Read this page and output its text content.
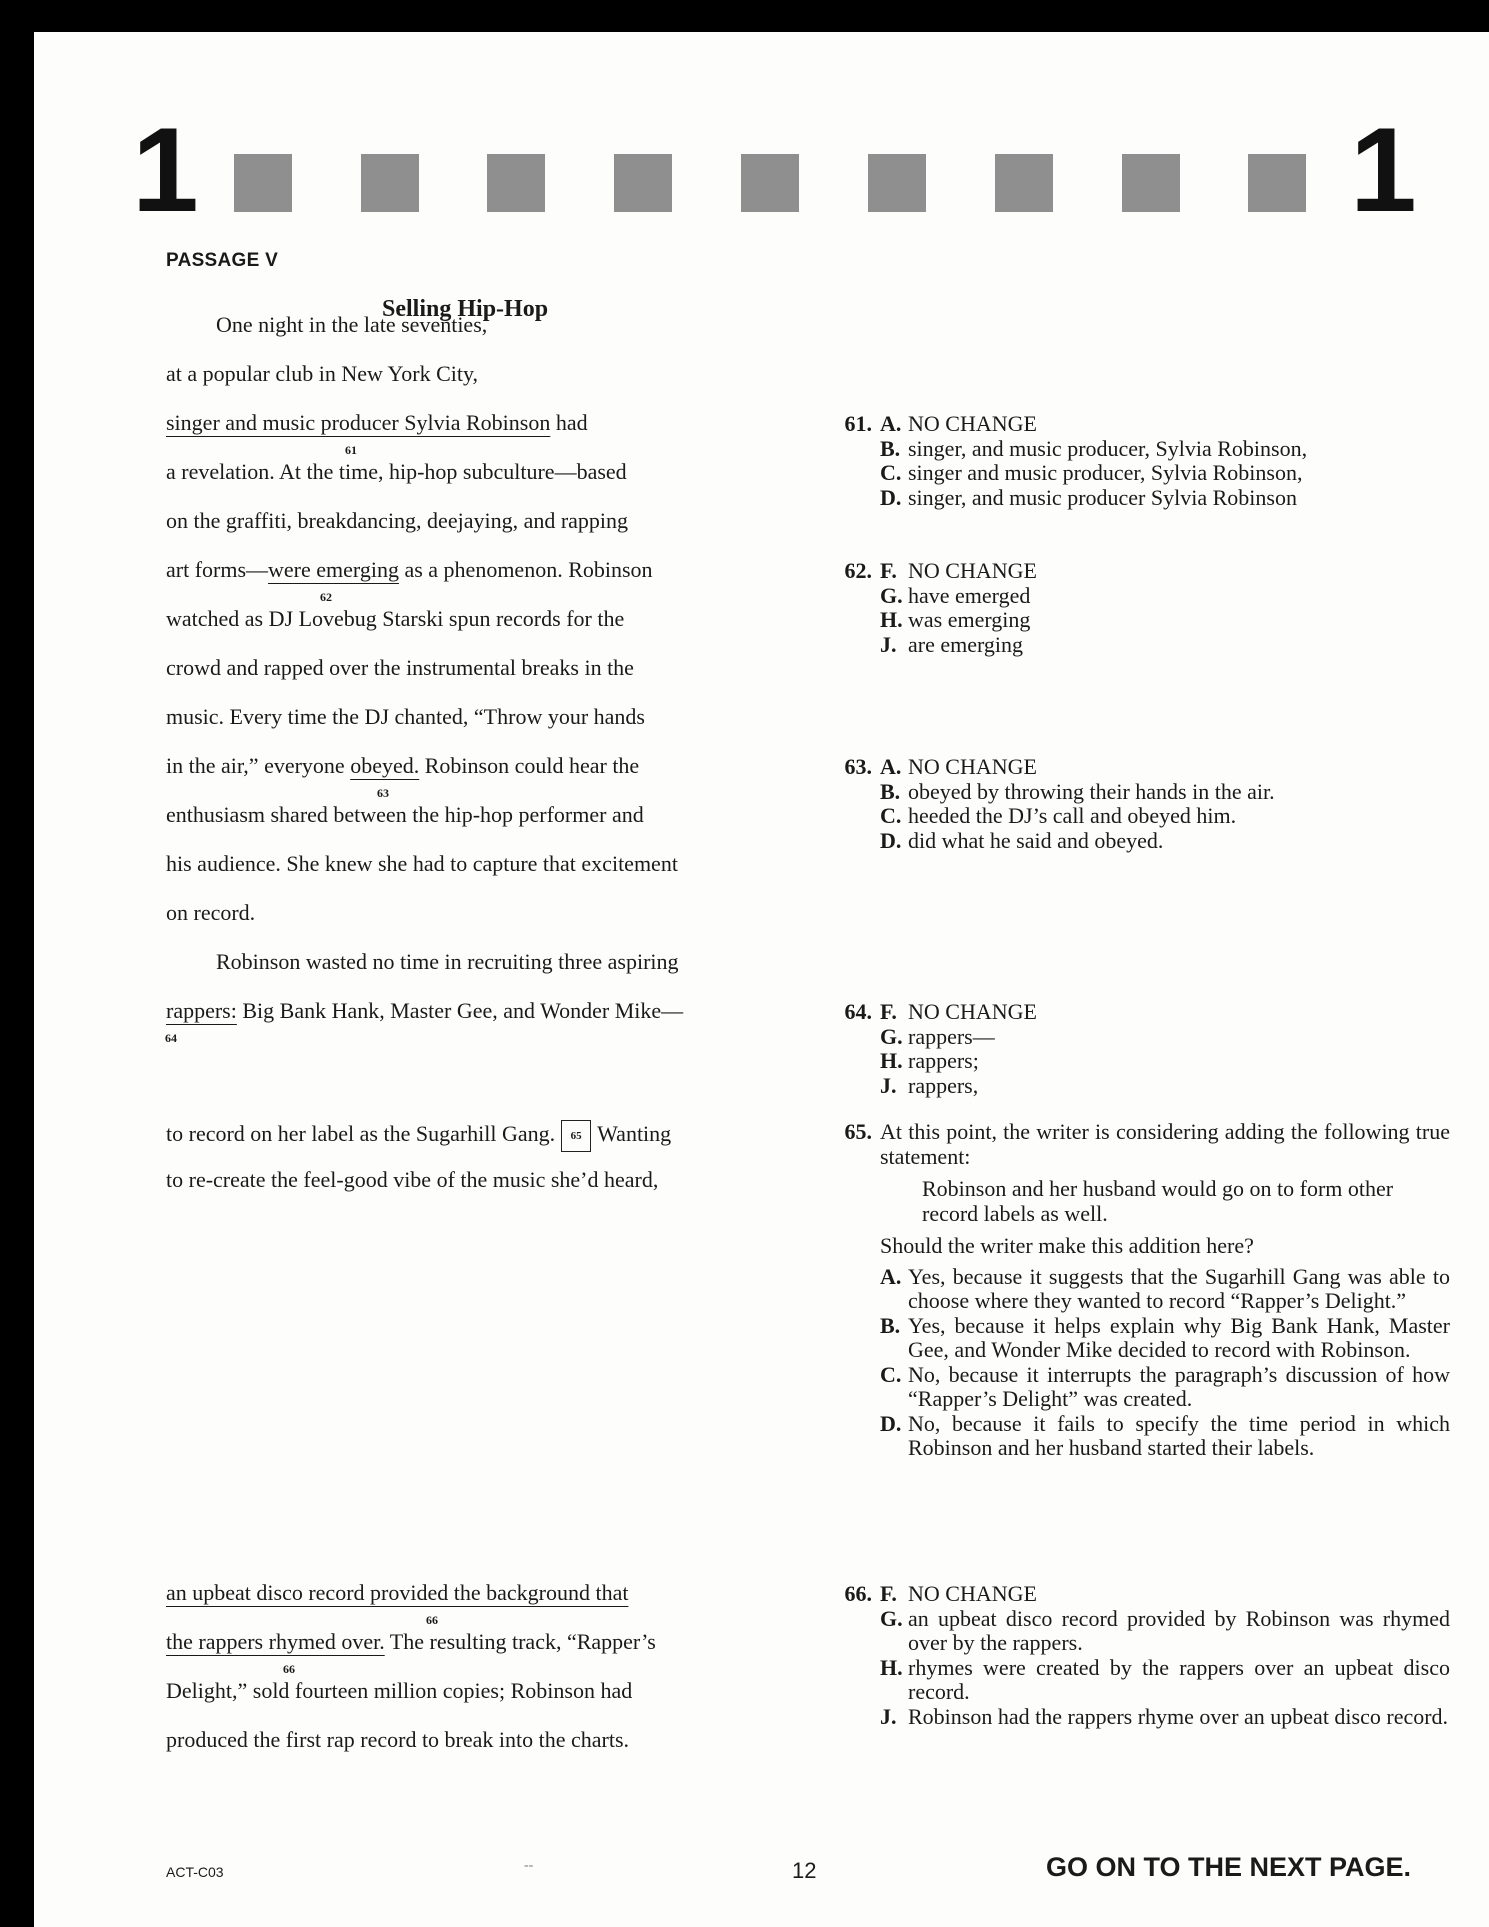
1	1
PASSAGE V
Selling Hip-Hop
One night in the late seventies,
at a popular club in New York City,
singer and music producer Sylvia Robinson had
61
a revelation. At the time, hip-hop subculture—based
on the graffiti, breakdancing, deejaying, and rapping
art forms—were emerging as a phenomenon. Robinson
62
watched as DJ Lovebug Starski spun records for the
crowd and rapped over the instrumental breaks in the
music. Every time the DJ chanted, “Throw your hands
in the air,” everyone obeyed. Robinson could hear the
63
enthusiasm shared between the hip-hop performer and
his audience. She knew she had to capture that excitement
on record.
Robinson wasted no time in recruiting three aspiring
rappers: Big Bank Hank, Master Gee, and Wonder Mike—
64
to record on her label as the Sugarhill Gang. 65 Wanting
to re-create the feel-good vibe of the music she’d heard,
an upbeat disco record provided the background that
66
the rappers rhymed over. The resulting track, “Rapper’s
66
Delight,” sold fourteen million copies; Robinson had
produced the first rap record to break into the charts.
61. A. NO CHANGE
B. singer, and music producer, Sylvia Robinson,
C. singer and music producer, Sylvia Robinson,
D. singer, and music producer Sylvia Robinson
62. F. NO CHANGE
G. have emerged
H. was emerging
J. are emerging
63. A. NO CHANGE
B. obeyed by throwing their hands in the air.
C. heeded the DJ’s call and obeyed him.
D. did what he said and obeyed.
64. F. NO CHANGE
G. rappers—
H. rappers;
J. rappers,
65. At this point, the writer is considering adding the following true statement:
Robinson and her husband would go on to form other record labels as well.
Should the writer make this addition here?
A. Yes, because it suggests that the Sugarhill Gang was able to choose where they wanted to record “Rapper’s Delight.”
B. Yes, because it helps explain why Big Bank Hank, Master Gee, and Wonder Mike decided to record with Robinson.
C. No, because it interrupts the paragraph’s discussion of how “Rapper’s Delight” was created.
D. No, because it fails to specify the time period in which Robinson and her husband started their labels.
66. F. NO CHANGE
G. an upbeat disco record provided by Robinson was rhymed over by the rappers.
H. rhymes were created by the rappers over an upbeat disco record.
J. Robinson had the rappers rhyme over an upbeat disco record.
ACT-C03	--	12	GO ON TO THE NEXT PAGE.
